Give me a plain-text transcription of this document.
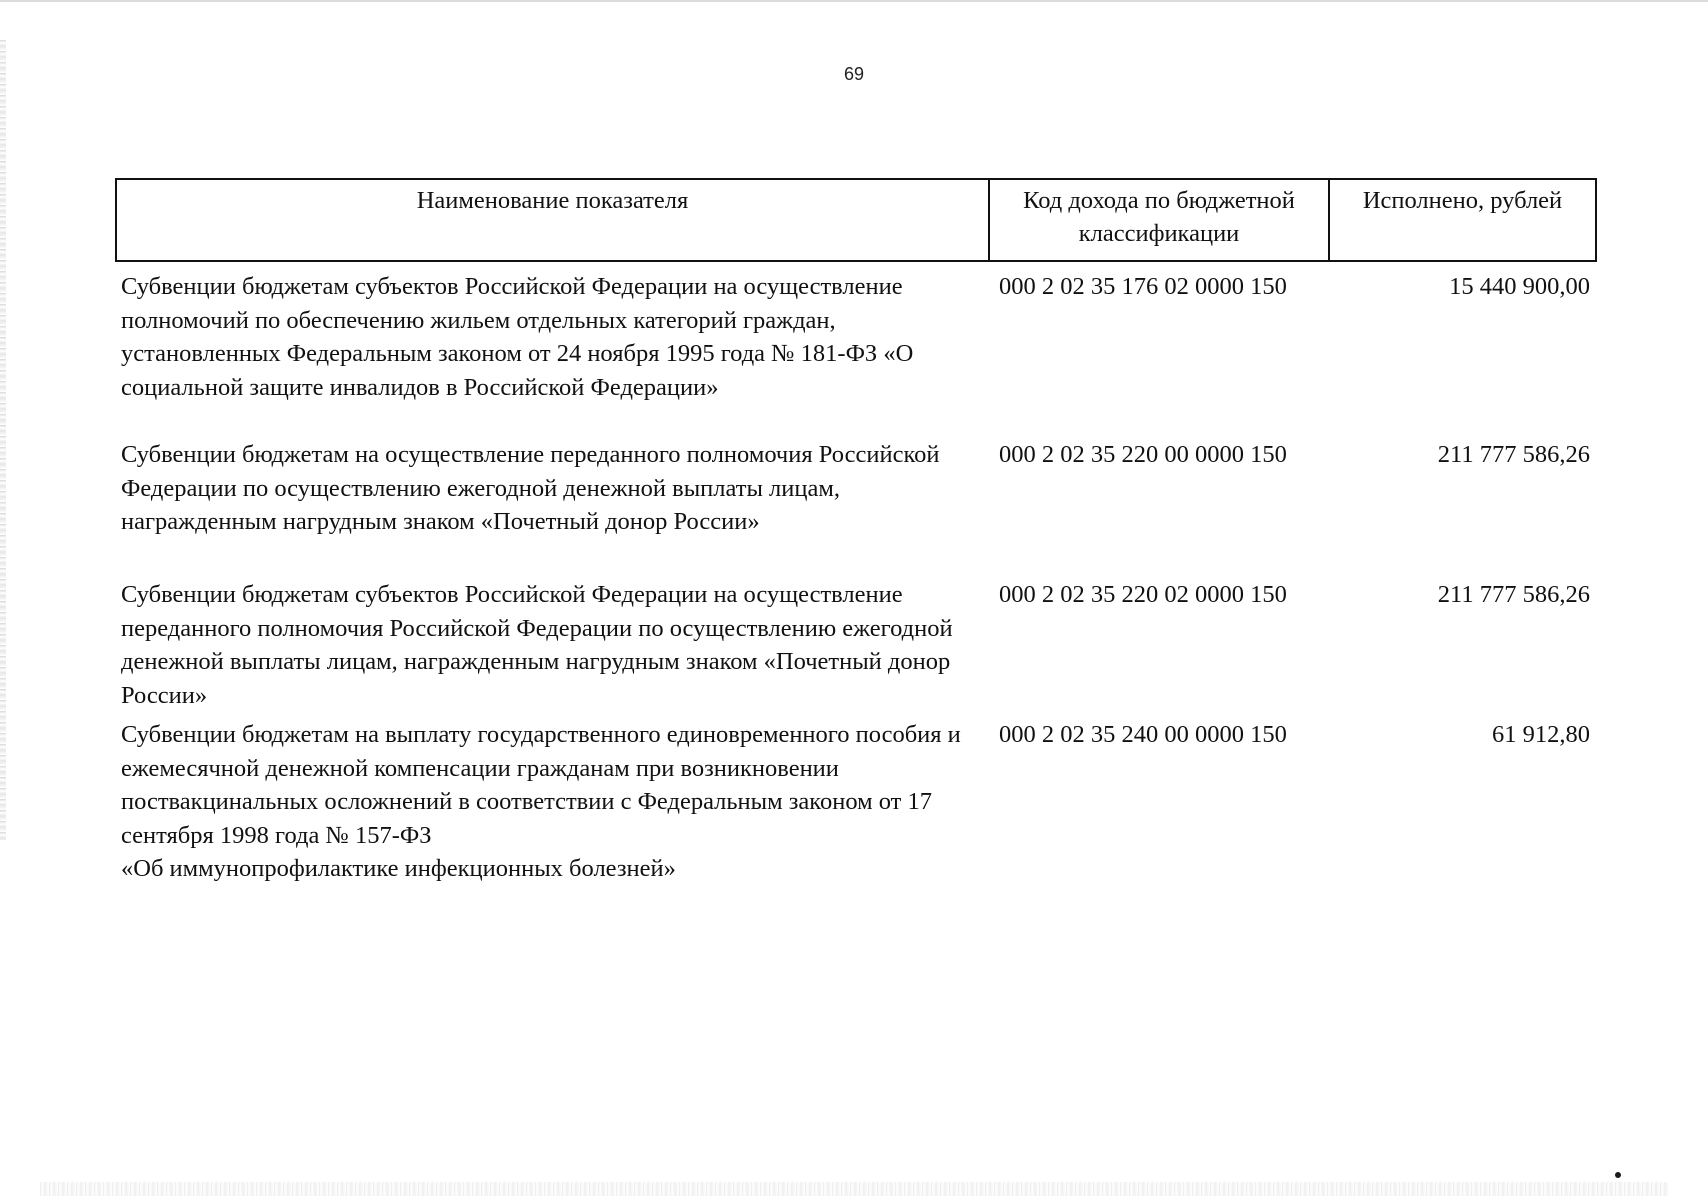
69
Наименование показателя	Код дохода по бюджетной классификации	Исполнено, рублей
Субвенции бюджетам субъектов Российской Федерации на осуществление полномочий по обеспечению жильем отдельных категорий граждан, установленных Федеральным законом от 24 ноября 1995 года № 181-ФЗ «О социальной защите инвалидов в Российской Федерации»	000 2 02 35 176 02 0000 150	15 440 900,00
Субвенции бюджетам на осуществление переданного полномочия Российской Федерации по осуществлению ежегодной денежной выплаты лицам, награжденным нагрудным знаком «Почетный донор России»	000 2 02 35 220 00 0000 150	211 777 586,26
Субвенции бюджетам субъектов Российской Федерации на осуществление переданного полномочия Российской Федерации по осуществлению ежегодной денежной выплаты лицам, награжденным нагрудным знаком «Почетный донор России»	000 2 02 35 220 02 0000 150	211 777 586,26

Субвенции бюджетам на выплату государственного единовременного пособия и ежемесячной денежной компенсации гражданам при возникновении поствакцинальных осложнений в соответствии с Федеральным законом от 17 сентября 1998 года № 157-ФЗ
«Об иммунопрофилактике инфекционных болезней»	000 2 02 35 240 00 0000 150	61 912,80
